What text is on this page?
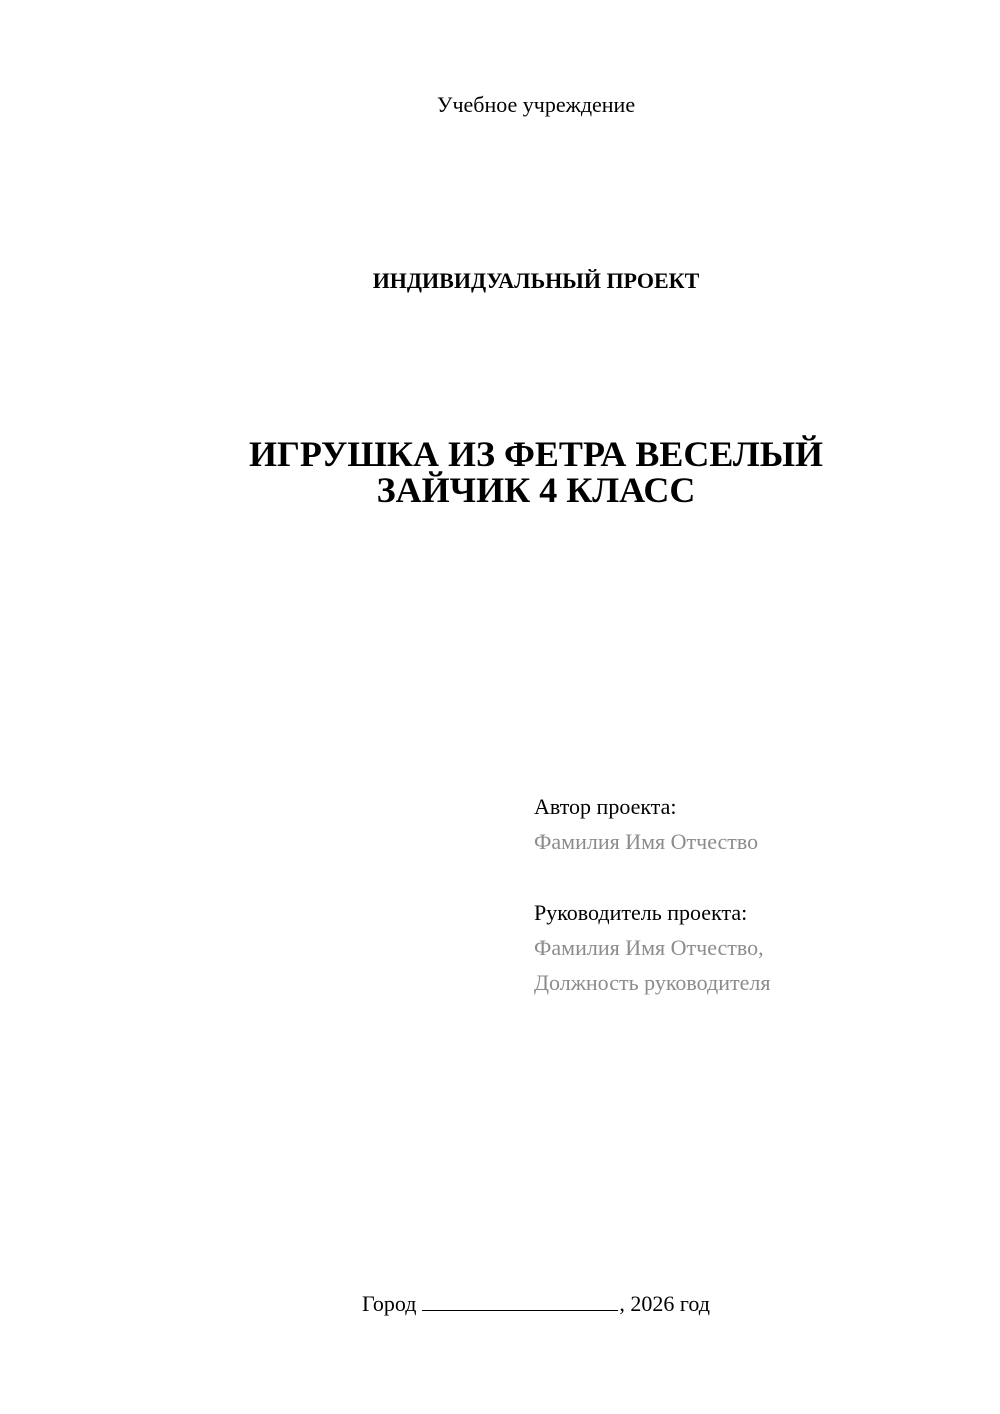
Учебное учреждение
ИНДИВИДУАЛЬНЫЙ ПРОЕКТ
ИГРУШКА ИЗ ФЕТРА ВЕСЕЛЫЙ
ЗАЙЧИК 4 КЛАСС
Автор проекта:
Фамилия Имя Отчество
Руководитель проекта:
Фамилия Имя Отчество,
Должность руководителя
Город	, 2026 год
